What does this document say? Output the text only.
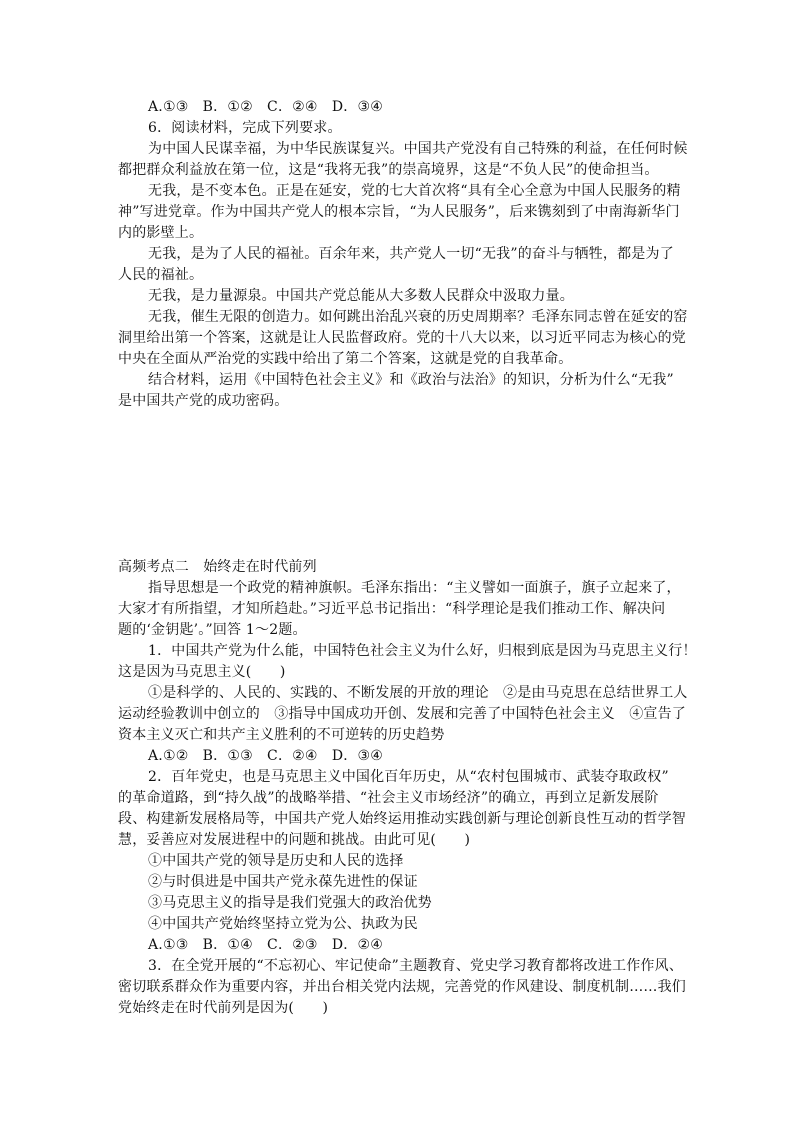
A.①③　B．①②　C．②④　D．③④
6．阅读材料，完成下列要求。
为中国人民谋幸福，为中华民族谋复兴。中国共产党没有自己特殊的利益，在任何时候
都把群众利益放在第一位，这是“我将无我”的崇高境界，这是“不负人民”的使命担当。
无我，是不变本色。正是在延安，党的七大首次将“具有全心全意为中国人民服务的精
神”写进党章。作为中国共产党人的根本宗旨，“为人民服务”，后来镌刻到了中南海新华门
内的影壁上。
无我，是为了人民的福祉。百余年来，共产党人一切“无我”的奋斗与牺牲，都是为了
人民的福祉。
无我，是力量源泉。中国共产党总能从大多数人民群众中汲取力量。
无我，催生无限的创造力。如何跳出治乱兴衰的历史周期率？毛泽东同志曾在延安的窑
洞里给出第一个答案，这就是让人民监督政府。党的十八大以来，以习近平同志为核心的党
中央在全面从严治党的实践中给出了第二个答案，这就是党的自我革命。
结合材料，运用《中国特色社会主义》和《政治与法治》的知识，分析为什么“无我”
是中国共产党的成功密码。
高频考点二　始终走在时代前列
指导思想是一个政党的精神旗帜。毛泽东指出：“主义譬如一面旗子，旗子立起来了，
大家才有所指望，才知所趋赴。”习近平总书记指出：“科学理论是我们推动工作、解决问
题的‘金钥匙’。”回答 1～2题。
1．中国共产党为什么能，中国特色社会主义为什么好，归根到底是因为马克思主义行！
这是因为马克思主义(　　)
①是科学的、人民的、实践的、不断发展的开放的理论　②是由马克思在总结世界工人
运动经验教训中创立的　③指导中国成功开创、发展和完善了中国特色社会主义　④宣告了
资本主义灭亡和共产主义胜利的不可逆转的历史趋势
A.①②　B．①③　C．②④　D．③④
2．百年党史，也是马克思主义中国化百年历史，从“农村包围城市、武装夺取政权”
的革命道路，到“持久战”的战略举措、“社会主义市场经济”的确立，再到立足新发展阶
段、构建新发展格局等，中国共产党人始终运用推动实践创新与理论创新良性互动的哲学智
慧，妥善应对发展进程中的问题和挑战。由此可见(　　)
①中国共产党的领导是历史和人民的选择
②与时俱进是中国共产党永葆先进性的保证
③马克思主义的指导是我们党强大的政治优势
④中国共产党始终坚持立党为公、执政为民
A.①③　B．①④　C．②③　D．②④
3．在全党开展的“不忘初心、牢记使命”主题教育、党史学习教育都将改进工作作风、
密切联系群众作为重要内容，并出台相关党内法规，完善党的作风建设、制度机制……我们
党始终走在时代前列是因为(　　)
